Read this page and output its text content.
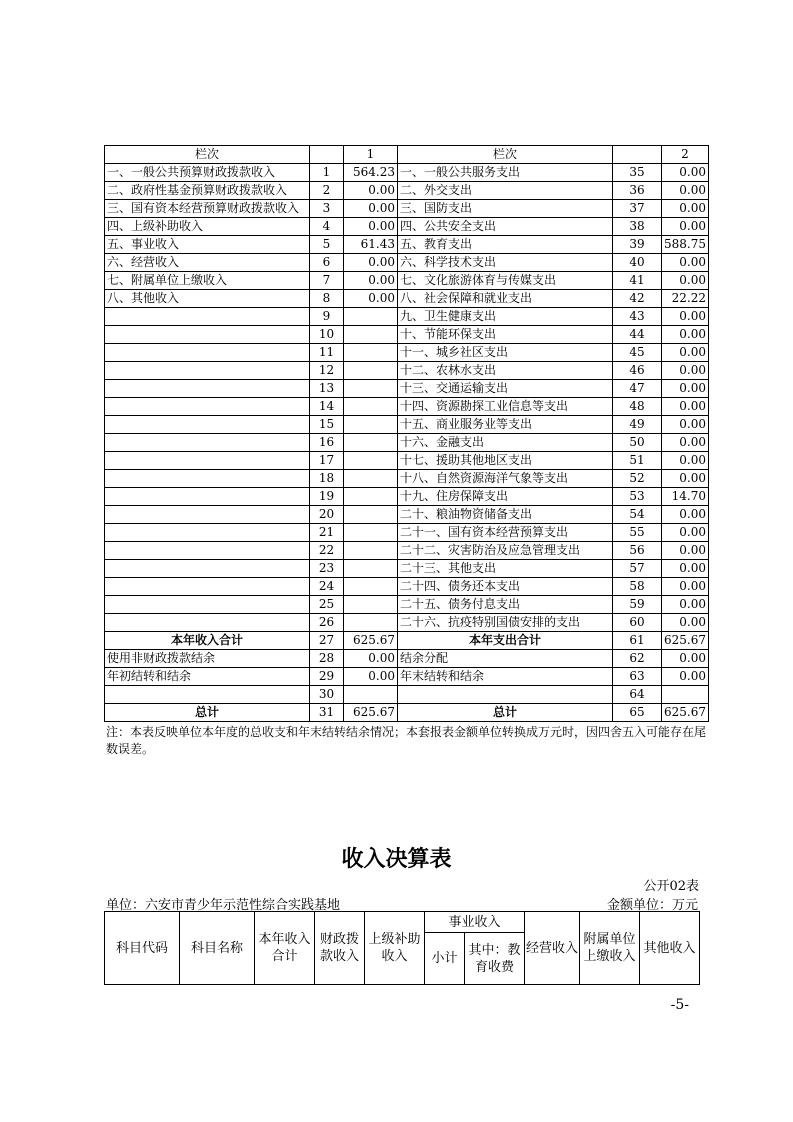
栏次		1	栏次		2
一、一般公共预算财政拨款收入	1	564.23	一、一般公共服务支出	35	0.00
二、政府性基金预算财政拨款收入	2	0.00	二、外交支出	36	0.00
三、国有资本经营预算财政拨款收入	3	0.00	三、国防支出	37	0.00
四、上级补助收入	4	0.00	四、公共安全支出	38	0.00
五、事业收入	5	61.43	五、教育支出	39	588.75
六、经营收入	6	0.00	六、科学技术支出	40	0.00
七、附属单位上缴收入	7	0.00	七、文化旅游体育与传媒支出	41	0.00
八、其他收入	8	0.00	八、社会保障和就业支出	42	22.22
	9		九、卫生健康支出	43	0.00
	10		十、节能环保支出	44	0.00
	11		十一、城乡社区支出	45	0.00
	12		十二、农林水支出	46	0.00
	13		十三、交通运输支出	47	0.00
	14		十四、资源勘探工业信息等支出	48	0.00
	15		十五、商业服务业等支出	49	0.00
	16		十六、金融支出	50	0.00
	17		十七、援助其他地区支出	51	0.00
	18		十八、自然资源海洋气象等支出	52	0.00
	19		十九、住房保障支出	53	14.70
	20		二十、粮油物资储备支出	54	0.00
	21		二十一、国有资本经营预算支出	55	0.00
	22		二十二、灾害防治及应急管理支出	56	0.00
	23		二十三、其他支出	57	0.00
	24		二十四、债务还本支出	58	0.00
	25		二十五、债务付息支出	59	0.00
	26		二十六、抗疫特别国债安排的支出	60	0.00
本年收入合计	27	625.67	本年支出合计	61	625.67
使用非财政拨款结余	28	0.00	结余分配	62	0.00
年初结转和结余	29	0.00	年末结转和结余	63	0.00
	30			64	
总计	31	625.67	总计	65	625.67
注：本表反映单位本年度的总收支和年末结转结余情况；本套报表金额单位转换成万元时，因四舍五入可能存在尾数误差。
收入决算表
公开02表
单位：六安市青少年示范性综合实践基地	金额单位：万元
科目代码	科目名称	本年收入合计	财政拨款收入	上级补助收入	事业收入		经营收入	附属单位上缴收入	其他收入
					小计	其中：教育收费			
-5-
